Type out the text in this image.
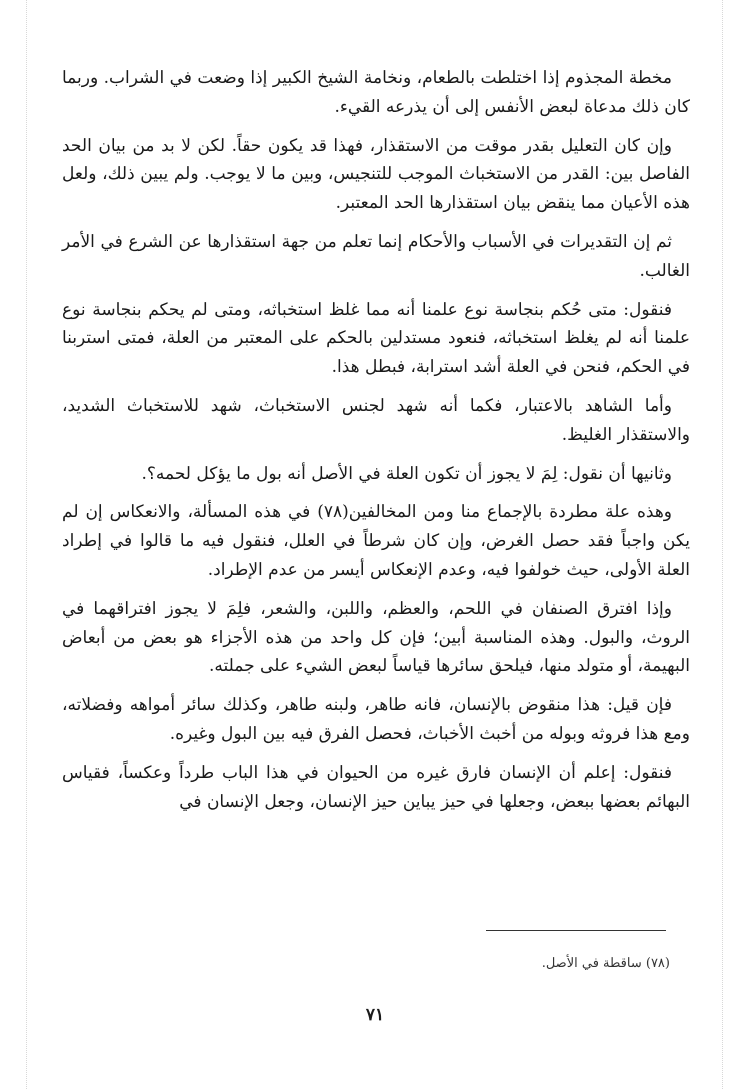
مخطة المجذوم إذا اختلطت بالطعام، ونخامة الشيخ الكبير إذا وضعت في الشراب. وربما كان ذلك مدعاة لبعض الأنفس إلى أن يذرعه القيء.

وإن كان التعليل بقدر موقت من الاستقذار، فهذا قد يكون حقاً. لكن لا بد من بيان الحد الفاصل بين: القدر من الاستخباث الموجب للتنجيس، وبين ما لا يوجب. ولم يبين ذلك، ولعل هذه الأعيان مما ينقض بيان استقذارها الحد المعتبر.

ثم إن التقديرات في الأسباب والأحكام إنما تعلم من جهة استقذارها عن الشرع في الأمر الغالب.

فنقول: متى حُكم بنجاسة نوع علمنا أنه مما غلظ استخباثه، ومتى لم يحكم بنجاسة نوع علمنا أنه لم يغلظ استخباثه، فنعود مستدلين بالحكم على المعتبر من العلة، فمتى استربنا في الحكم، فنحن في العلة أشد استرابة، فبطل هذا.

وأما الشاهد بالاعتبار، فكما أنه شهد لجنس الاستخباث، شهد للاستخباث الشديد، والاستقذار الغليظ.

وثانيها أن نقول: لِمَ لا يجوز أن تكون العلة في الأصل أنه بول ما يؤكل لحمه؟.

وهذه علة مطردة بالإجماع منا ومن المخالفين(٧٨) في هذه المسألة، والانعكاس إن لم يكن واجباً فقد حصل الغرض، وإن كان شرطاً في العلل، فنقول فيه ما قالوا في إطراد العلة الأولى، حيث خولفوا فيه، وعدم الإنعكاس أيسر من عدم الإطراد.

وإذا افترق الصنفان في اللحم، والعظم، واللبن، والشعر، فلِمَ لا يجوز افتراقهما في الروث، والبول. وهذه المناسبة أبين؛ فإن كل واحد من هذه الأجزاء هو بعض من أبعاض البهيمة، أو متولد منها، فيلحق سائرها قياساً لبعض الشيء على جملته.

فإن قيل: هذا منقوض بالإنسان، فانه طاهر، ولبنه طاهر، وكذلك سائر أمواهه وفضلاته، ومع هذا فروثه وبوله من أخبث الأخباث، فحصل الفرق فيه بين البول وغيره.

فنقول: إعلم أن الإنسان فارق غيره من الحيوان في هذا الباب طرداً وعكساً، فقياس البهائم بعضها ببعض، وجعلها في حيز يباين حيز الإنسان، وجعل الإنسان في

(٧٨) ساقطة في الأصل.
٧١
